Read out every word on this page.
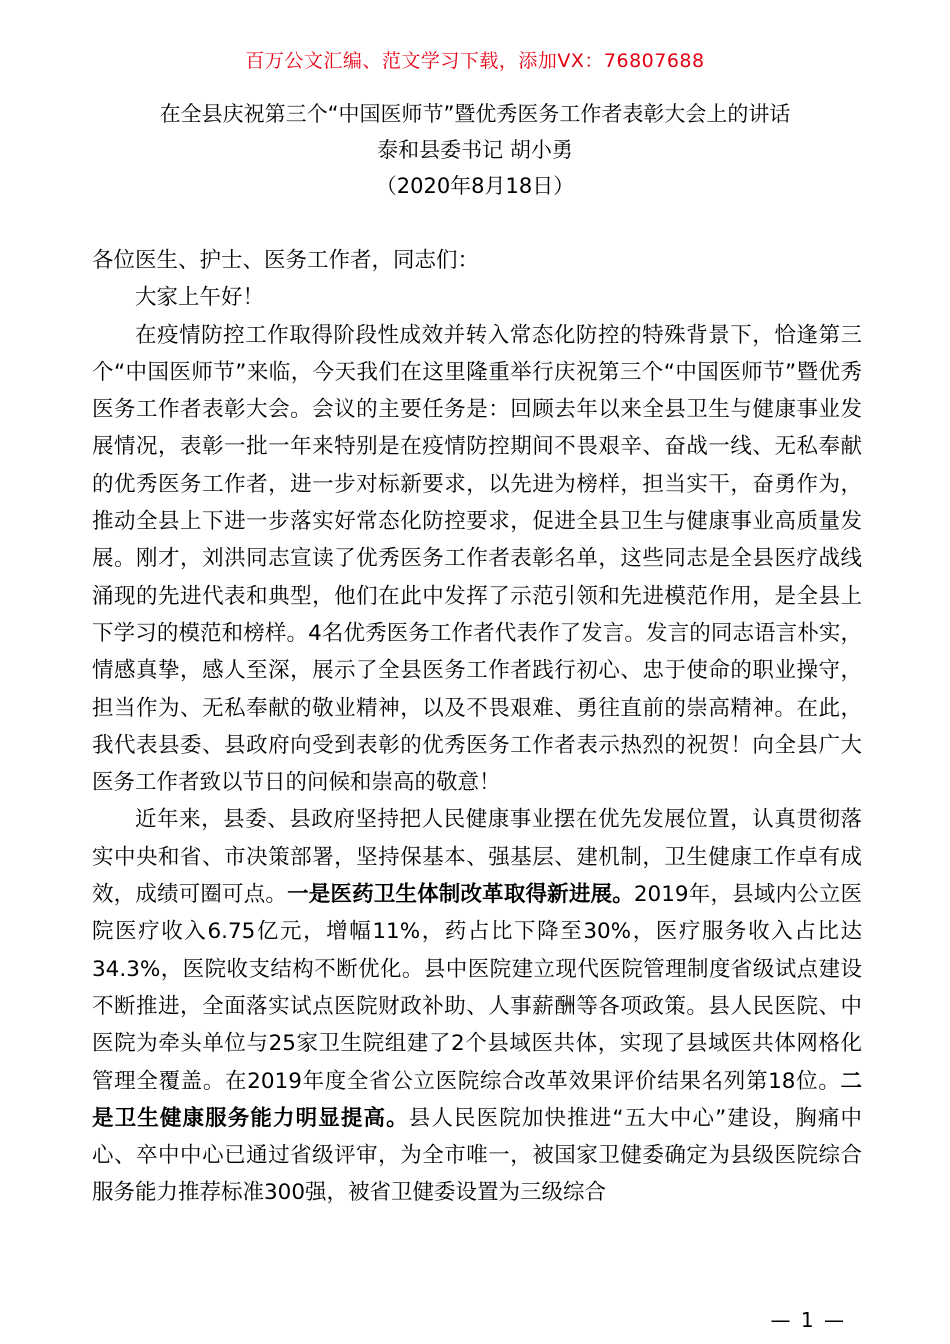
百万公文汇编、范文学习下载，添加VX：76807688
在全县庆祝第三个“中国医师节”暨优秀医务工作者表彰大会上的讲话
泰和县委书记 胡小勇
（2020年8月18日）

各位医生、护士、医务工作者，同志们：

大家上午好！

在疫情防控工作取得阶段性成效并转入常态化防控的特殊背景下，恰逢第三个“中国医师节”来临，今天我们在这里隆重举行庆祝第三个“中国医师节”暨优秀医务工作者表彰大会。会议的主要任务是：回顾去年以来全县卫生与健康事业发展情况，表彰一批一年来特别是在疫情防控期间不畏艰辛、奋战一线、无私奉献的优秀医务工作者，进一步对标新要求，以先进为榜样，担当实干，奋勇作为，推动全县上下进一步落实好常态化防控要求，促进全县卫生与健康事业高质量发展。刚才，刘洪同志宣读了优秀医务工作者表彰名单，这些同志是全县医疗战线涌现的先进代表和典型，他们在此中发挥了示范引领和先进模范作用，是全县上下学习的模范和榜样。4名优秀医务工作者代表作了发言。发言的同志语言朴实，情感真挚，感人至深，展示了全县医务工作者践行初心、忠于使命的职业操守，担当作为、无私奉献的敬业精神，以及不畏艰难、勇往直前的崇高精神。在此，我代表县委、县政府向受到表彰的优秀医务工作者表示热烈的祝贺！向全县广大医务工作者致以节日的问候和崇高的敬意！

近年来，县委、县政府坚持把人民健康事业摆在优先发展位置，认真贯彻落实中央和省、市决策部署，坚持保基本、强基层、建机制，卫生健康工作卓有成效，成绩可圈可点。一是医药卫生体制改革取得新进展。2019年，县域内公立医院医疗收入6.75亿元，增幅11%，药占比下降至30%，医疗服务收入占比达34.3%，医院收支结构不断优化。县中医院建立现代医院管理制度省级试点建设不断推进，全面落实试点医院财政补助、人事薪酬等各项政策。县人民医院、中医院为牵头单位与25家卫生院组建了2个县域医共体，实现了县域医共体网格化管理全覆盖。在2019年度全省公立医院综合改革效果评价结果名列第18位。二是卫生健康服务能力明显提高。县人民医院加快推进“五大中心”建设，胸痛中心、卒中中心已通过省级评审，为全市唯一，被国家卫健委确定为县级医院综合服务能力推荐标准300强，被省卫健委设置为三级综合

— 1 —
